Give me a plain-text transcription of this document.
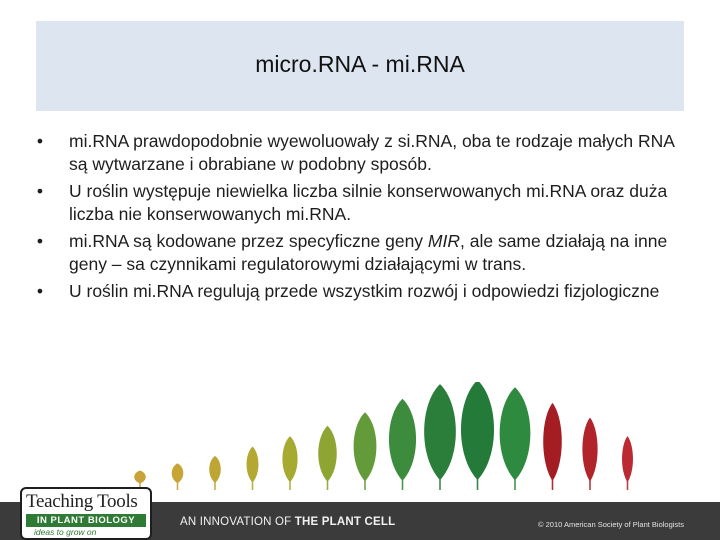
micro.RNA - mi.RNA
• mi.RNA prawdopodobnie wyewoluowały z si.RNA, oba te rodzaje małych RNA są wytwarzane i obrabiane w podobny sposób.
• U roślin występuje niewielka liczba silnie konserwowanych mi.RNA oraz duża liczba nie konserwowanych mi.RNA.
• mi.RNA są kodowane przez specyficzne geny MIR, ale same działają na inne geny – sa czynnikami regulatorowymi działającymi w trans.
• U roślin mi.RNA regulują przede wszystkim rozwój i odpowiedzi fizjologiczne
Teaching Tools
IN PLANT BIOLOGY
ideas to grow on
AN INNOVATION OF THE PLANT CELL	© 2010 American Society of Plant Biologists
